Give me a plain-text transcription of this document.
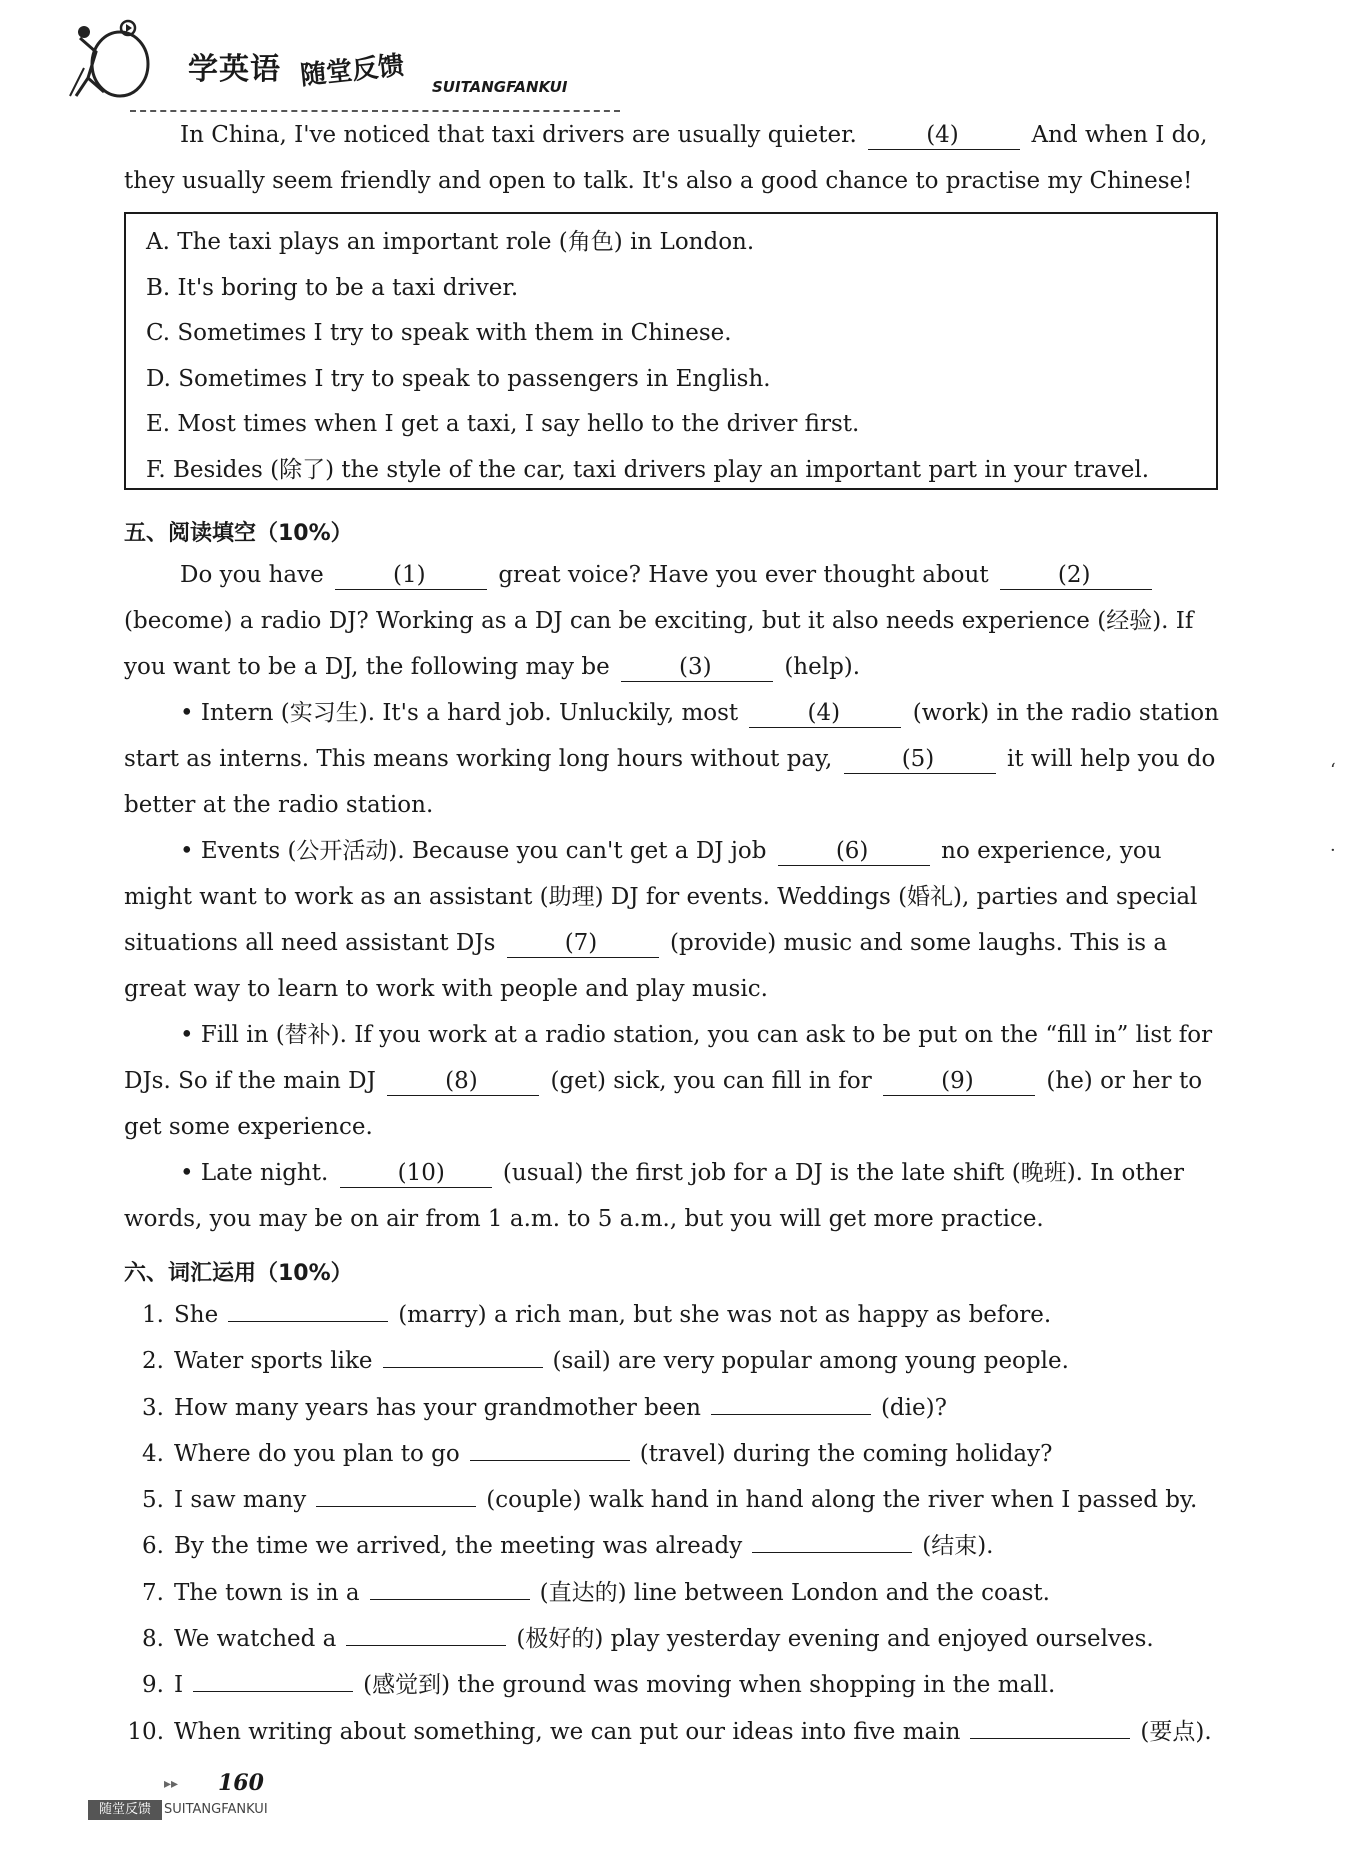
学英语 随堂反馈 SUITANGFANKUI

In China, I've noticed that taxi drivers are usually quieter.	(4)	And when I do,

they usually seem friendly and open to talk. It's also a good chance to practise my Chinese!

A. The taxi plays an important role (角色) in London.
B. It's boring to be a taxi driver.
C. Sometimes I try to speak with them in Chinese.
D. Sometimes I try to speak to passengers in English.
E. Most times when I get a taxi, I say hello to the driver first.
F. Besides (除了) the style of the car, taxi drivers play an important part in your travel.
五、阅读填空（10%）

Do you have	(1)	great voice? Have you ever thought about	(2) (become) a radio DJ? Working as a DJ can be exciting, but it also needs experience (经验). If you want to be a DJ, the following may be	(3)	(help).

• Intern (实习生). It's a hard job. Unluckily, most	(4)	(work) in the radio station start as interns. This means working long hours without pay,	(5)	it will help you do better at the radio station.

• Events (公开活动). Because you can't get a DJ job	(6)	no experience, you might want to work as an assistant (助理) DJ for events. Weddings (婚礼), parties and special situations all need assistant DJs	(7)	(provide) music and some laughs. This is a great way to learn to work with people and play music.

• Fill in (替补). If you work at a radio station, you can ask to be put on the “fill in” list for DJs. So if the main DJ	(8)	(get) sick, you can fill in for	(9)	(he) or her to get some experience.

• Late night.	(10)	(usual) the first job for a DJ is the late shift (晚班). In other words, you may be on air from 1 a.m. to 5 a.m., but you will get more practice.

六、词汇运用（10%）
1. She	(marry) a rich man, but she was not as happy as before.
2. Water sports like	(sail) are very popular among young people.
3. How many years has your grandmother been	(die)?
4. Where do you plan to go	(travel) during the coming holiday?
5. I saw many	(couple) walk hand in hand along the river when I passed by.
6. By the time we arrived, the meeting was already	(结束).
7. The town is in a	(直达的) line between London and the coast.
8. We watched a	(极好的) play yesterday evening and enjoyed ourselves.
9. I	(感觉到) the ground was moving when shopping in the mall.
10. When writing about something, we can put our ideas into five main	(要点).
▸▸ 160
随堂反馈	SUITANGFANKUI
‘
·
